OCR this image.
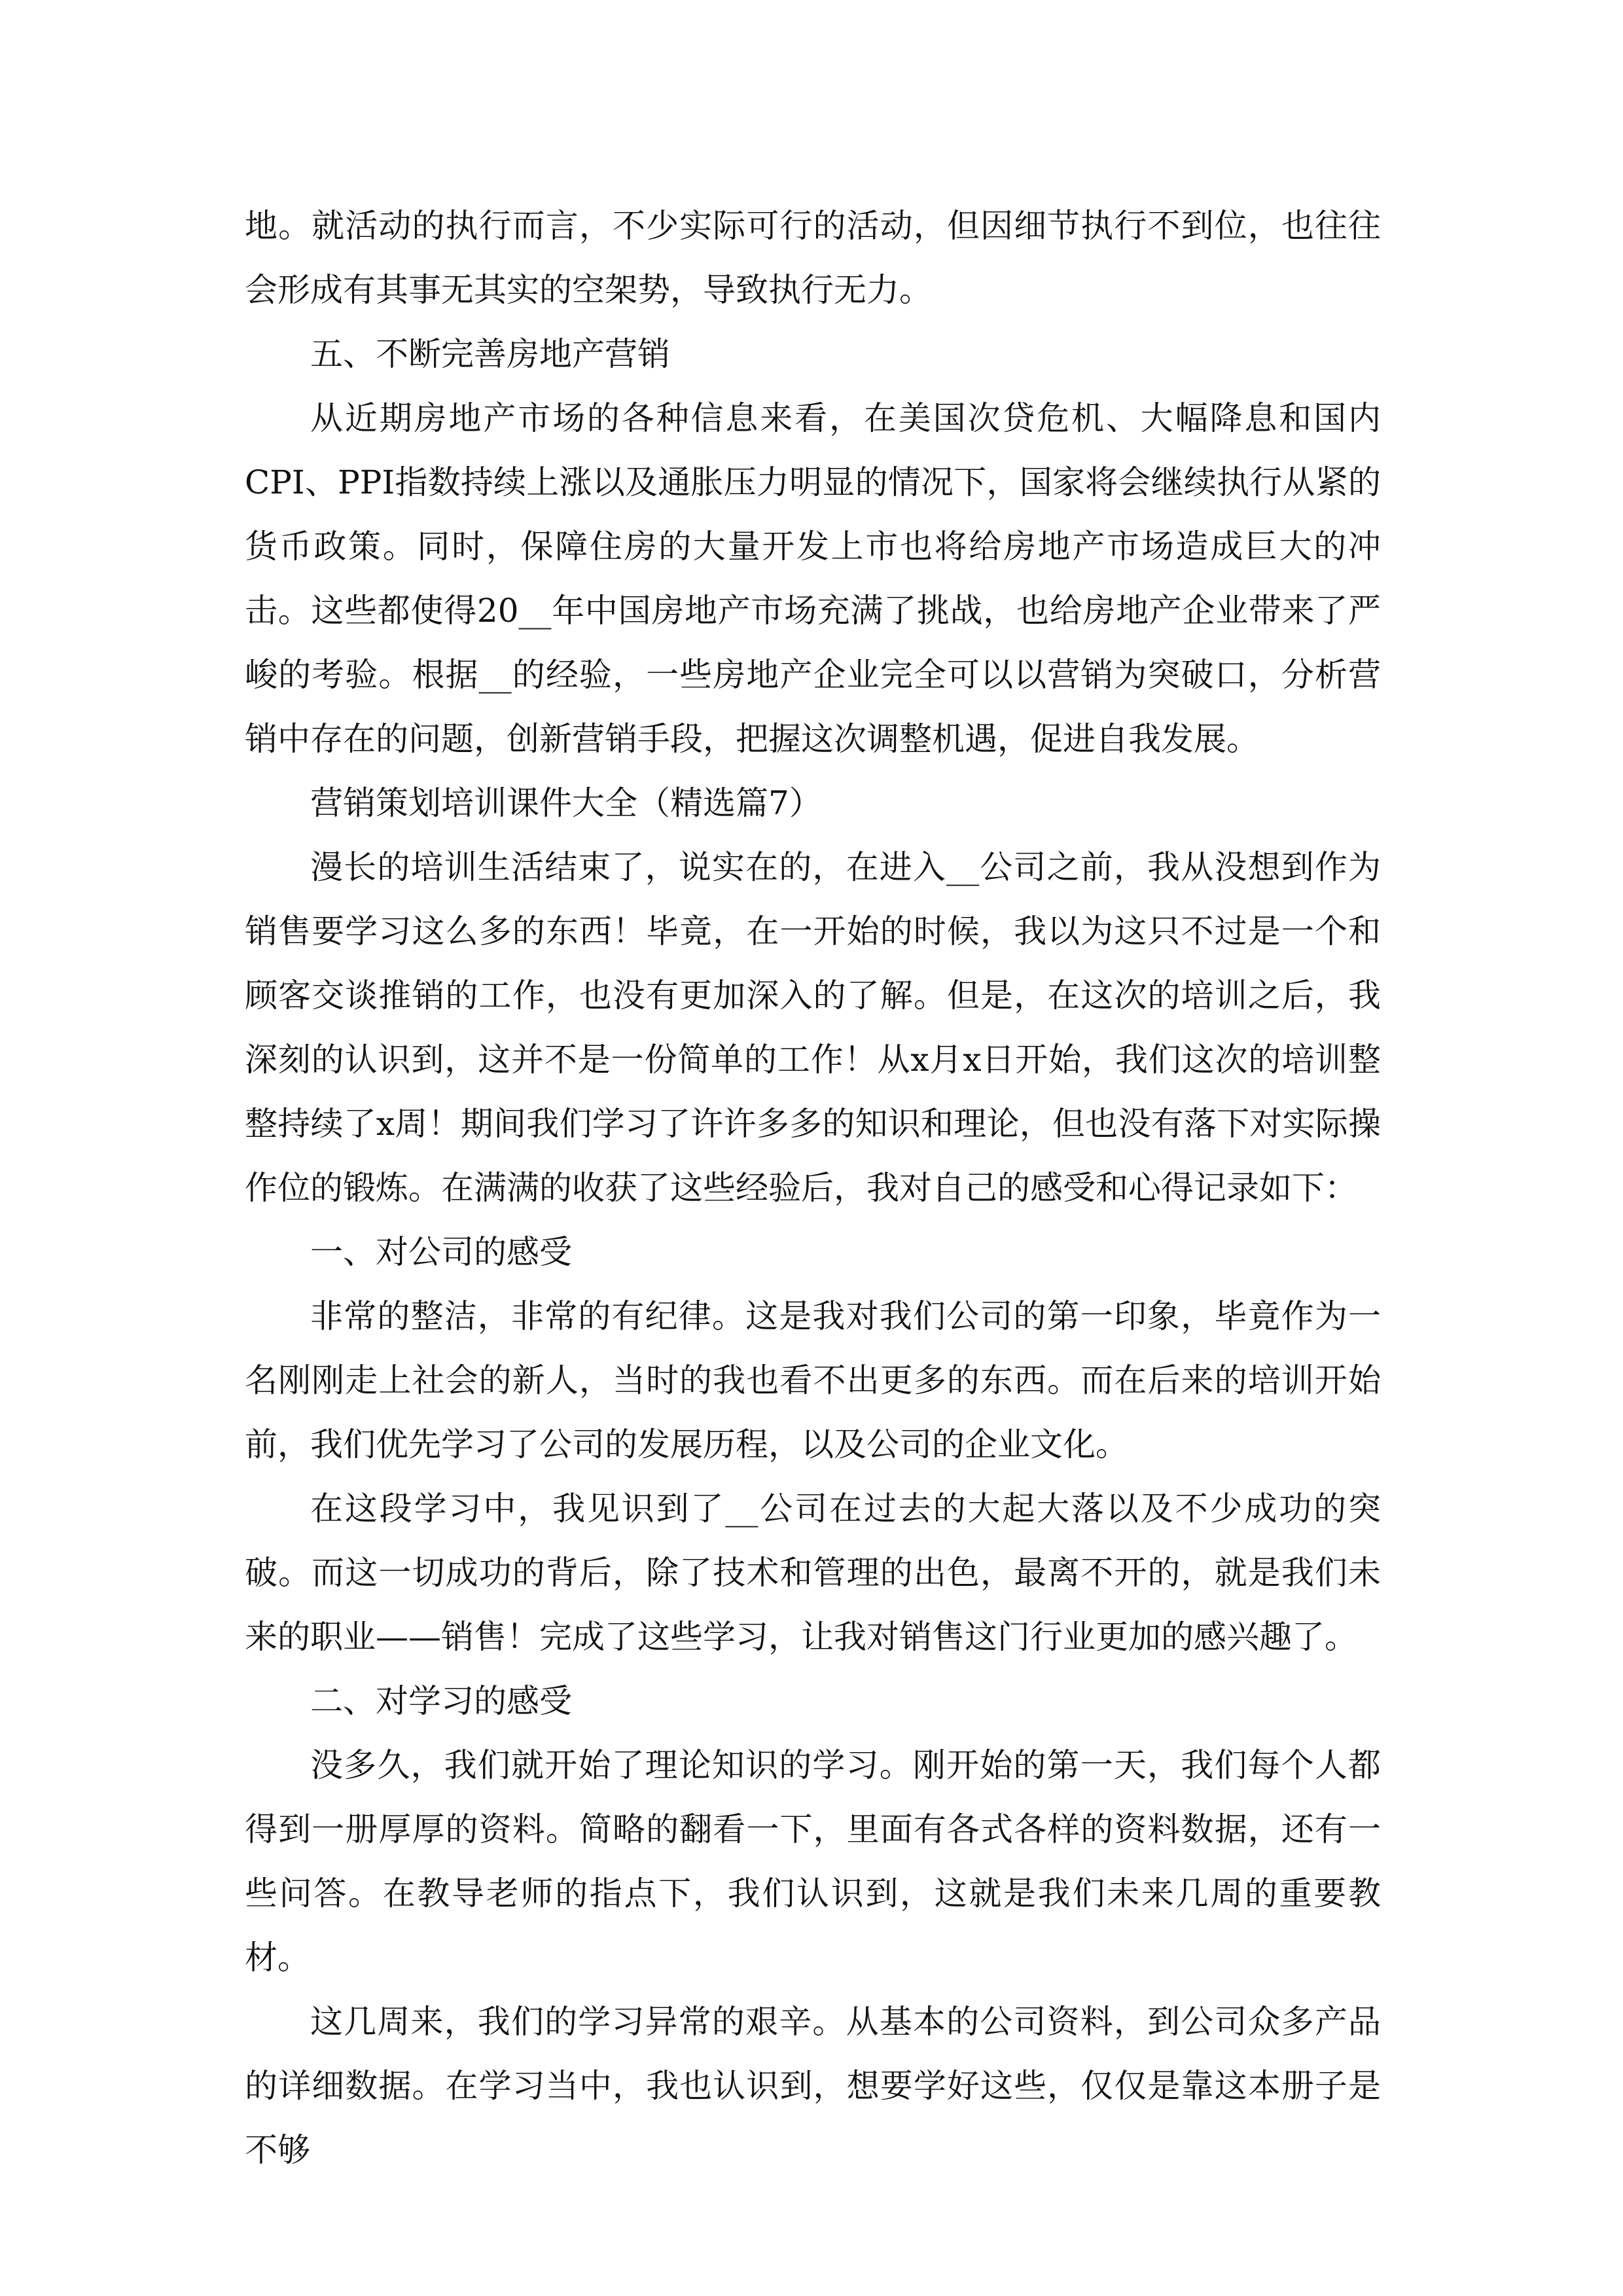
地。就活动的执行而言，不少实际可行的活动，但因细节执行不到位，也往往会形成有其事无其实的空架势，导致执行无力。

五、不断完善房地产营销

从近期房地产市场的各种信息来看，在美国次贷危机、大幅降息和国内CPI、PPI指数持续上涨以及通胀压力明显的情况下，国家将会继续执行从紧的货币政策。同时，保障住房的大量开发上市也将给房地产市场造成巨大的冲击。这些都使得20__年中国房地产市场充满了挑战，也给房地产企业带来了严峻的考验。根据__的经验，一些房地产企业完全可以以营销为突破口，分析营销中存在的问题，创新营销手段，把握这次调整机遇，促进自我发展。

营销策划培训课件大全（精选篇7）

漫长的培训生活结束了，说实在的，在进入__公司之前，我从没想到作为销售要学习这么多的东西！毕竟，在一开始的时候，我以为这只不过是一个和顾客交谈推销的工作，也没有更加深入的了解。但是，在这次的培训之后，我深刻的认识到，这并不是一份简单的工作！从x月x日开始，我们这次的培训整整持续了x周！期间我们学习了许许多多的知识和理论，但也没有落下对实际操作位的锻炼。在满满的收获了这些经验后，我对自己的感受和心得记录如下：

一、对公司的感受

非常的整洁，非常的有纪律。这是我对我们公司的第一印象，毕竟作为一名刚刚走上社会的新人，当时的我也看不出更多的东西。而在后来的培训开始前，我们优先学习了公司的发展历程，以及公司的企业文化。

在这段学习中，我见识到了__公司在过去的大起大落以及不少成功的突破。而这一切成功的背后，除了技术和管理的出色，最离不开的，就是我们未来的职业——销售！完成了这些学习，让我对销售这门行业更加的感兴趣了。

二、对学习的感受

没多久，我们就开始了理论知识的学习。刚开始的第一天，我们每个人都得到一册厚厚的资料。简略的翻看一下，里面有各式各样的资料数据，还有一些问答。在教导老师的指点下，我们认识到，这就是我们未来几周的重要教材。

这几周来，我们的学习异常的艰辛。从基本的公司资料，到公司众多产品的详细数据。在学习当中，我也认识到，想要学好这些，仅仅是靠这本册子是不够
